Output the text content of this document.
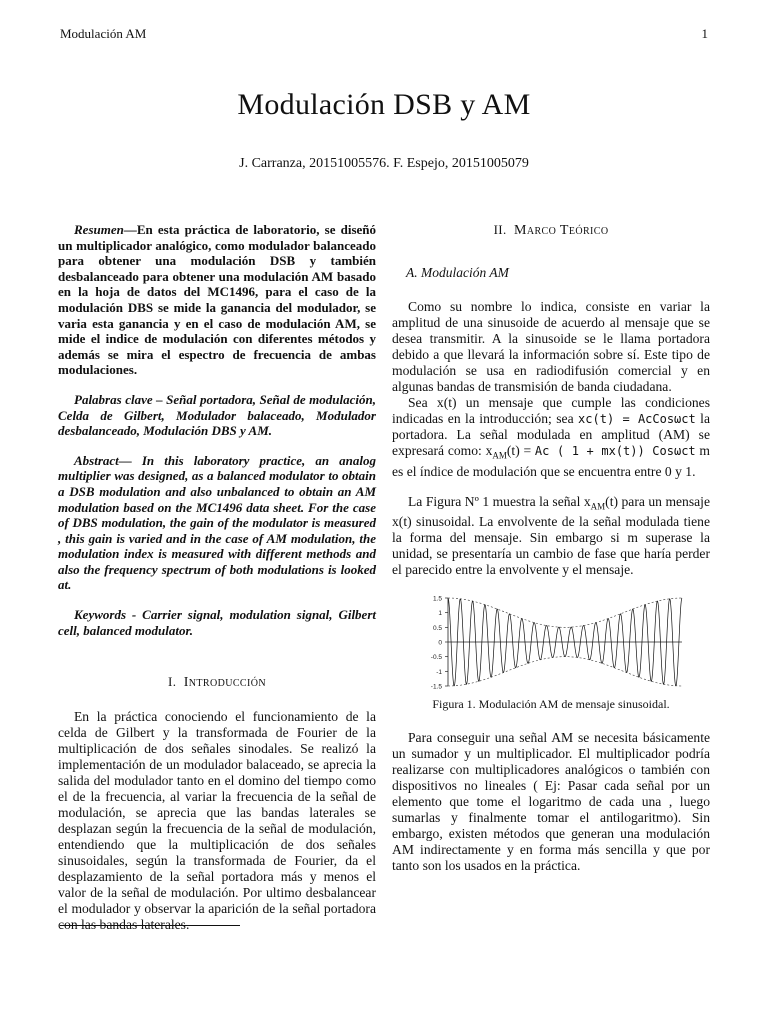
Modulación AM	1
Modulación DSB y AM
J. Carranza, 20151005576. F. Espejo, 20151005079

Resumen—En esta práctica de laboratorio, se diseñó un multiplicador analógico, como modulador balanceado para obtener una modulación DSB y también desbalanceado para obtener una modulación AM basado en la hoja de datos del MC1496, para el caso de la modulación DBS se mide la ganancia del modulador, se varia esta ganancia y en el caso de modulación AM, se mide el indice de modulación con diferentes métodos y además se mira el espectro de frecuencia de ambas modulaciones.

Palabras clave – Señal portadora, Señal de modulación, Celda de Gilbert, Modulador balaceado, Modulador desbalanceado, Modulación DBS y AM.

Abstract— In this laboratory practice, an analog multiplier was designed, as a balanced modulator to obtain a DSB modulation and also unbalanced to obtain an AM modulation based on the MC1496 data sheet. For the case of DBS modulation, the gain of the modulator is measured , this gain is varied and in the case of AM modulation, the modulation index is measured with different methods and also the frequency spectrum of both modulations is looked at.

Keywords - Carrier signal, modulation signal, Gilbert cell, balanced modulator.

I. Introducción

En la práctica conociendo el funcionamiento de la celda de Gilbert y la transformada de Fourier de la multiplicación de dos señales sinodales. Se realizó la implementación de un modulador balaceado, se aprecia la salida del modulador tanto en el domino del tiempo como el de la frecuencia, al variar la frecuencia de la señal de modulación, se aprecia que las bandas laterales se desplazan según la frecuencia de la señal de modulación, entendiendo que la multiplicación de dos señales sinusoidales, según la transformada de Fourier, da el desplazamiento de la señal portadora más y menos el valor de la señal de modulación. Por ultimo desbalancear el modulador y observar la aparición de la señal portadora con las bandas laterales.

II. Marco Teórico

A. Modulación AM

Como su nombre lo indica, consiste en variar la amplitud de una sinusoide de acuerdo al mensaje que se desea transmitir. A la sinusoide se le llama portadora debido a que llevará la información sobre sí. Este tipo de modulación se usa en radiodifusión comercial y en algunas bandas de transmisión de banda ciudadana.

Sea x(t) un mensaje que cumple las condiciones indicadas en la introducción; sea xc(t) = AcCosωct la portadora. La señal modulada en amplitud (AM) se expresará como: $x_{AM}(t) = Ac$ ( 1 + mx(t)) Cosωct m es el índice de modulación que se encuentra entre 0 y 1.

La Figura Nº 1 muestra la señal $x_{AM}(t)$ para un mensaje x(t) sinusoidal. La envolvente de la señal modulada tiene la forma del mensaje. Sin embargo si m superase la unidad, se presentaría un cambio de fase que haría perder el parecido entre la envolvente y el mensaje.

1.5
1
0.5
0
-0.5
-1
-1.5
Figura 1. Modulación AM de mensaje sinusoidal.

Para conseguir una señal AM se necesita básicamente un sumador y un multiplicador. El multiplicador podría realizarse con multiplicadores analógicos o también con dispositivos no lineales ( Ej: Pasar cada señal por un elemento que tome el logaritmo de cada una , luego sumarlas y finalmente tomar el antilogaritmo). Sin embargo, existen métodos que generan una modulación AM indirectamente y en forma más sencilla y que por tanto son los usados en la práctica.
